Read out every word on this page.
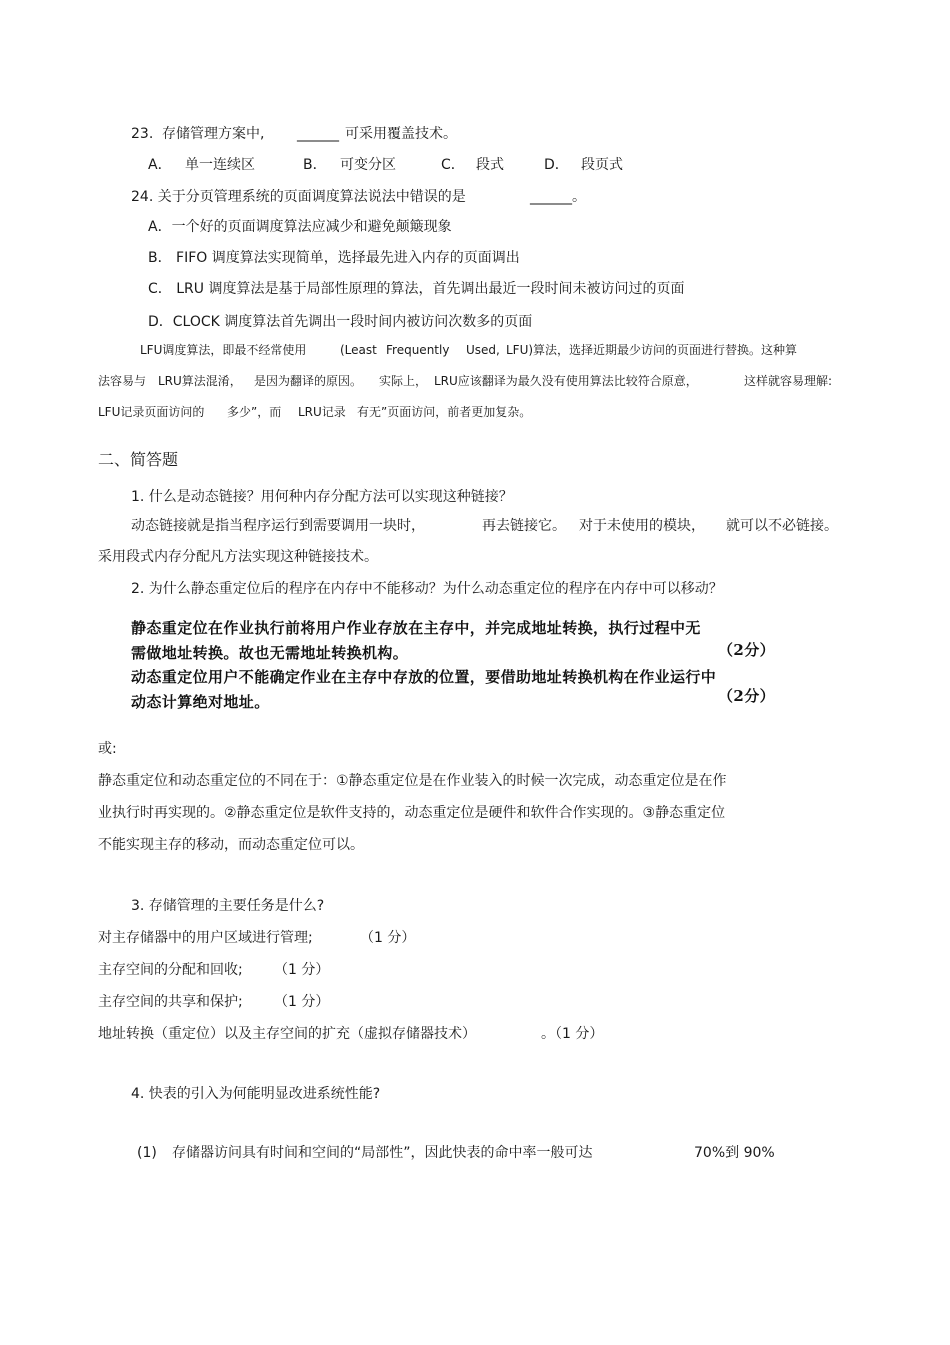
23. 存储管理方案中, ______ 可采用覆盖技术。
A． 单一连续区	B． 可变分区	C． 段式	D． 段页式
24. 关于分页管理系统的页面调度算法说法中错误的是	______。
A．一个好的页面调度算法应减少和避免颠簸现象
B． FIFO 调度算法实现简单，选择最先进入内存的页面调出
C． LRU 调度算法是基于局部性原理的算法，首先调出最近一段时间未被访问过的页面
D．CLOCK 调度算法首先调出一段时间内被访问次数多的页面
LFU调度算法，即最不经常使用	(Least Frequently Used, LFU)算法，选择近期最少访问的页面进行替换。这种算
法容易与 LRU算法混淆， 是因为翻译的原因。 实际上， LRU应该翻译为最久没有使用算法比较符合原意，	这样就容易理解:
LFU记录页面访问的 多少”，而 LRU记录 有无”页面访问，前者更加复杂。
二、简答题
1. 什么是动态链接？用何种内存分配方法可以实现这种链接？
动态链接就是指当程序运行到需要调用一块时，	再去链接它。 对于未使用的模块， 就可以不必链接。
采用段式内存分配凡方法实现这种链接技术。
2. 为什么静态重定位后的程序在内存中不能移动？为什么动态重定位的程序在内存中可以移动？
静态重定位在作业执行前将用户作业存放在主存中，并完成地址转换，执行过程中无
需做地址转换。故也无需地址转换机构。	（2分）
动态重定位用户不能确定作业在主存中存放的位置，要借助地址转换机构在作业运行中
动态计算绝对地址。	（2分）
或:
静态重定位和动态重定位的不同在于：①静态重定位是在作业装入的时候一次完成，动态重定位是在作
业执行时再实现的。②静态重定位是软件支持的，动态重定位是硬件和软件合作实现的。③静态重定位
不能实现主存的移动，而动态重定位可以。
3. 存储管理的主要任务是什么?
对主存储器中的用户区域进行管理;	（1 分）
主存空间的分配和回收; （1 分）
主存空间的共享和保护; （1 分）
地址转换（重定位）以及主存空间的扩充（虚拟存储器技术）	。（1 分）
4. 快表的引入为何能明显改进系统性能?
(1) 存储器访问具有时间和空间的“局部性”，因此快表的命中率一般可达	70%到 90%
